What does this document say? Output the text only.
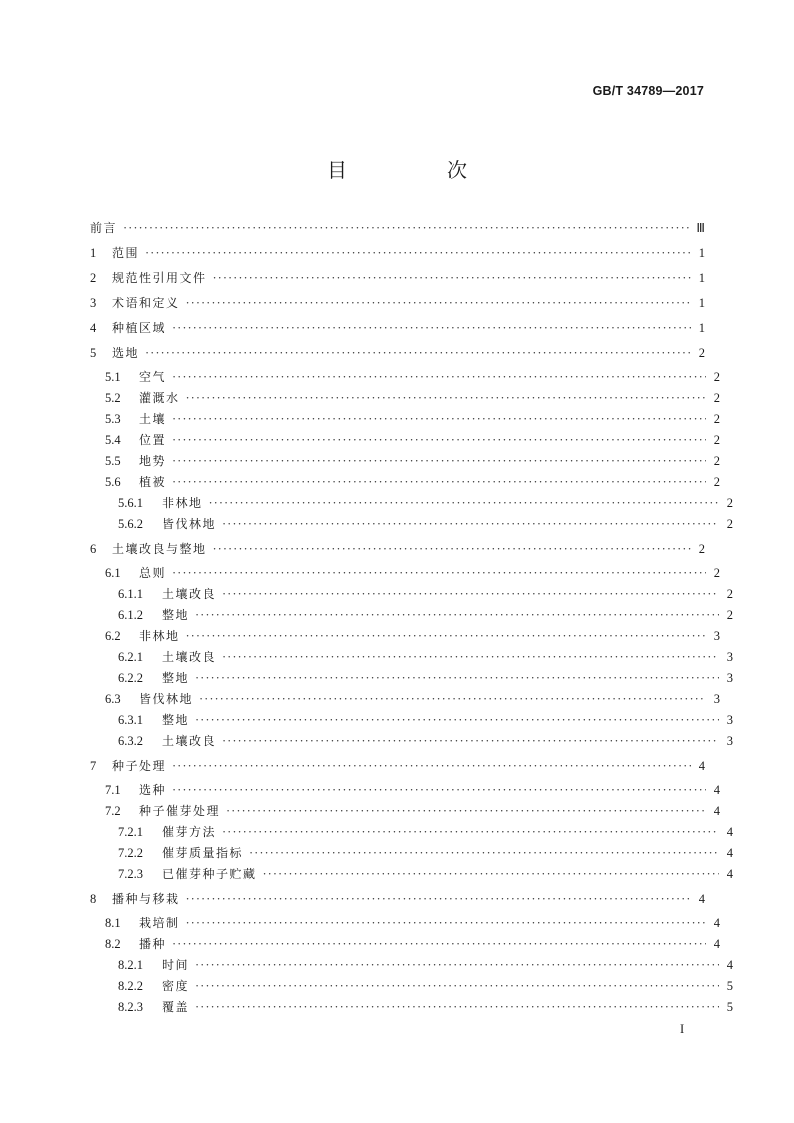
GB/T 34789—2017
目　次
前言 ·····	Ⅲ
1	范围 ·····	1
2	规范性引用文件 ·····	1
3	术语和定义 ·····	1
4	种植区域 ·····	1
5	选地 ·····	2
5.1	空气 ·····	2
5.2	灌溉水 ·····	2
5.3	土壤 ·····	2
5.4	位置 ·····	2
5.5	地势 ·····	2
5.6	植被 ·····	2
5.6.1	非林地 ·····	2
5.6.2	皆伐林地 ·····	2
6	土壤改良与整地 ·····	2
6.1	总则 ·····	2
6.1.1	土壤改良 ·····	2
6.1.2	整地 ·····	2
6.2	非林地 ·····	3
6.2.1	土壤改良 ·····	3
6.2.2	整地 ·····	3
6.3	皆伐林地 ·····	3
6.3.1	整地 ·····	3
6.3.2	土壤改良 ·····	3
7	种子处理 ·····	4
7.1	选种 ·····	4
7.2	种子催芽处理 ·····	4
7.2.1	催芽方法 ·····	4
7.2.2	催芽质量指标 ·····	4
7.2.3	已催芽种子贮藏 ·····	4
8	播种与移栽 ·····	4
8.1	栽培制 ·····	4
8.2	播种 ·····	4
8.2.1	时间 ·····	4
8.2.2	密度 ·····	5
8.2.3	覆盖 ·····	5
I
